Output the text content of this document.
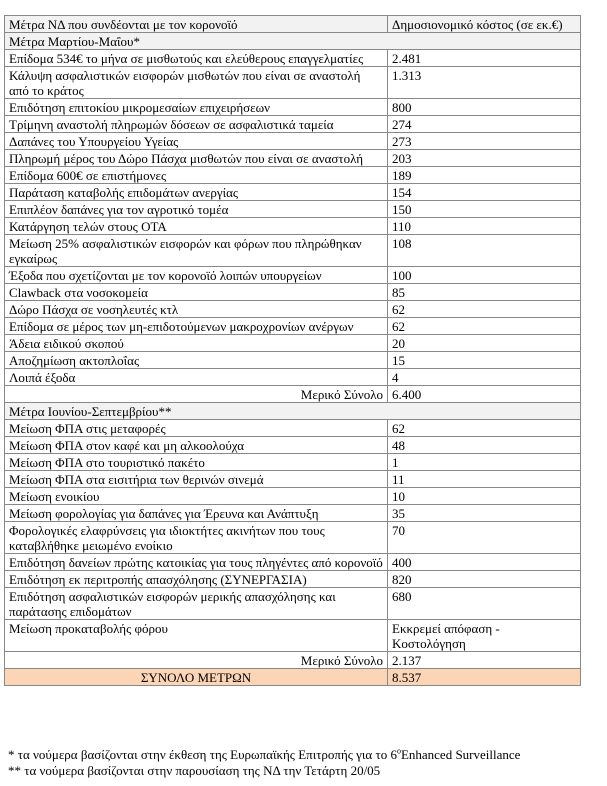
Μέτρα ΝΔ που συνδέονται με τον κορονοϊό	Δημοσιονομικό κόστος (σε εκ.€)
Μέτρα Μαρτίου-Μαΐου*	
Επίδομα 534€ το μήνα σε μισθωτούς και ελεύθερους επαγγελματίες	2.481
Κάλυψη ασφαλιστικών εισφορών μισθωτών που είναι σε αναστολή από το κράτος	1.313
Επιδότηση επιτοκίου μικρομεσαίων επιχειρήσεων	800
Τρίμηνη αναστολή πληρωμών δόσεων σε ασφαλιστικά ταμεία	274
Δαπάνες του Υπουργείου Υγείας	273
Πληρωμή μέρος του Δώρο Πάσχα μισθωτών που είναι σε αναστολή	203
Επίδομα 600€ σε επιστήμονες	189
Παράταση καταβολής επιδομάτων ανεργίας	154
Επιπλέον δαπάνες για τον αγροτικό τομέα	150
Κατάργηση τελών στους ΟΤΑ	110
Μείωση 25% ασφαλιστικών εισφορών και φόρων που πληρώθηκαν εγκαίρως	108
Έξοδα που σχετίζονται με τον κορονοϊό λοιπών υπουργείων	100
Clawback στα νοσοκομεία	85
Δώρο Πάσχα σε νοσηλευτές κτλ	62
Επίδομα σε μέρος των μη-επιδοτούμενων μακροχρονίων ανέργων	62
Άδεια ειδικού σκοπού	20
Αποζημίωση ακτοπλοΐας	15
Λοιπά έξοδα	4
Μερικό Σύνολο	6.400
Μέτρα Ιουνίου-Σεπτεμβρίου**	
Μείωση ΦΠΑ στις μεταφορές	62
Μείωση ΦΠΑ στον καφέ και μη αλκοολούχα	48
Μείωση ΦΠΑ στο τουριστικό πακέτο	1
Μείωση ΦΠΑ στα εισιτήρια των θερινών σινεμά	11
Μείωση ενοικίου	10
Μείωση φορολογίας για δαπάνες για Έρευνα και Ανάπτυξη	35
Φορολογικές ελαφρύνσεις για ιδιοκτήτες ακινήτων που τους καταβλήθηκε μειωμένο ενοίκιο	70
Επιδότηση δανείων πρώτης κατοικίας για τους πληγέντες από κορονοϊό	400
Επιδότηση εκ περιτροπής απασχόλησης (ΣΥΝΕΡΓΑΣΙΑ)	820
Επιδότηση ασφαλιστικών εισφορών μερικής απασχόλησης και παράτασης επιδομάτων	680
Μείωση προκαταβολής φόρου	Εκκρεμεί απόφαση - Κοστολόγηση
Μερικό Σύνολο	2.137
ΣΥΝΟΛΟ ΜΕΤΡΩΝ	8.537
* τα νούμερα βασίζονται στην έκθεση της Ευρωπαϊκής Επιτροπής για το $6^oEnhanced$ Surveillance
** τα νούμερα βασίζονται στην παρουσίαση της ΝΔ την Τετάρτη 20/05
